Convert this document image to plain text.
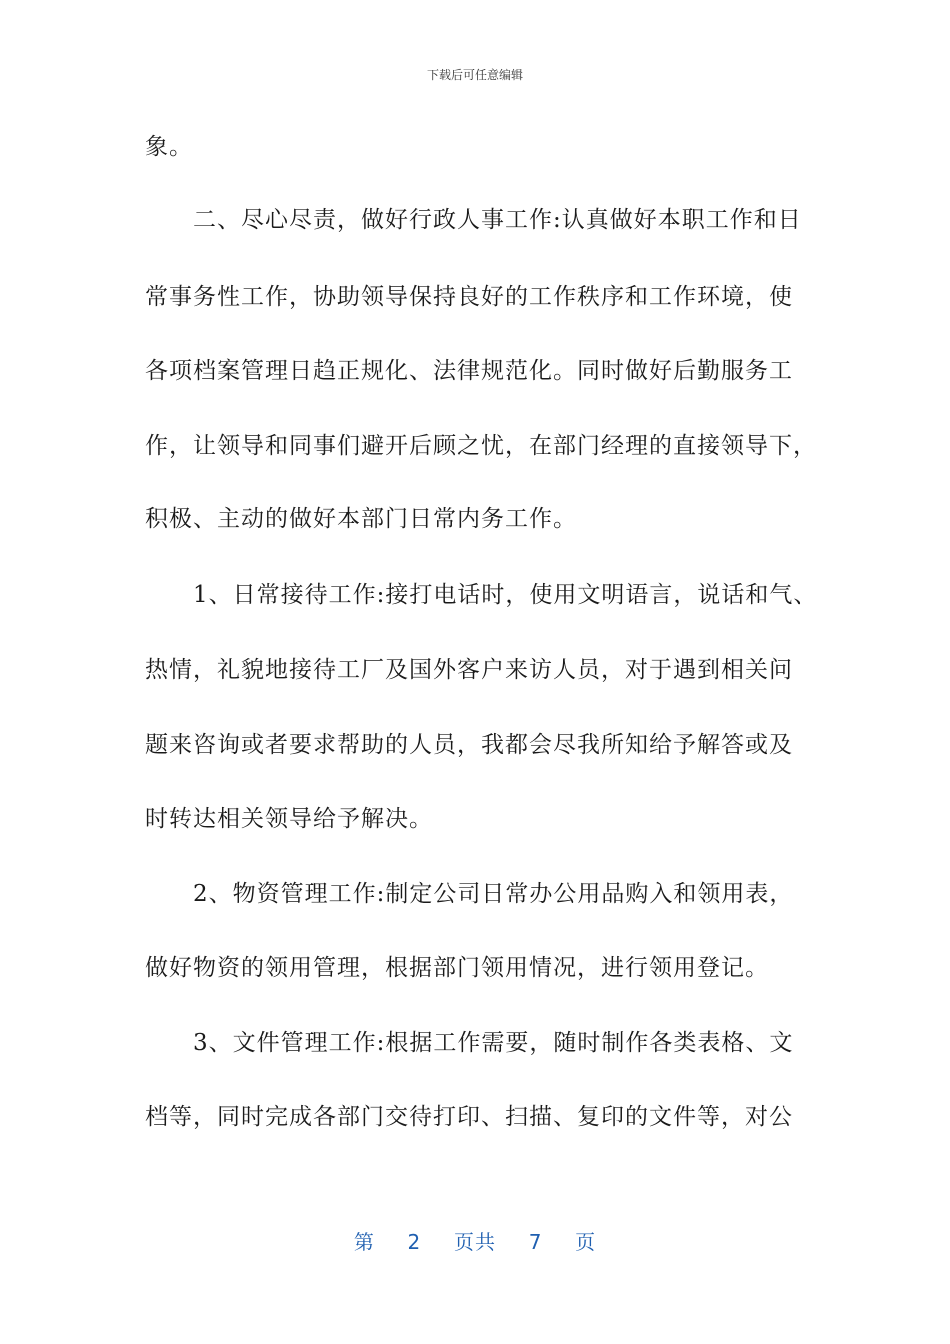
下载后可任意编辑
象。
　　二、尽心尽责，做好行政人事工作:认真做好本职工作和日
常事务性工作，协助领导保持良好的工作秩序和工作环境，使
各项档案管理日趋正规化、法律规范化。同时做好后勤服务工
作，让领导和同事们避开后顾之忧，在部门经理的直接领导下，
积极、主动的做好本部门日常内务工作。
　　1、日常接待工作:接打电话时，使用文明语言，说话和气、
热情，礼貌地接待工厂及国外客户来访人员，对于遇到相关问
题来咨询或者要求帮助的人员，我都会尽我所知给予解答或及
时转达相关领导给予解决。
　　2、物资管理工作:制定公司日常办公用品购入和领用表，
做好物资的领用管理，根据部门领用情况，进行领用登记。
　　3、文件管理工作:根据工作需要，随时制作各类表格、文
档等，同时完成各部门交待打印、扫描、复印的文件等，对公
第 2 页共 7 页
